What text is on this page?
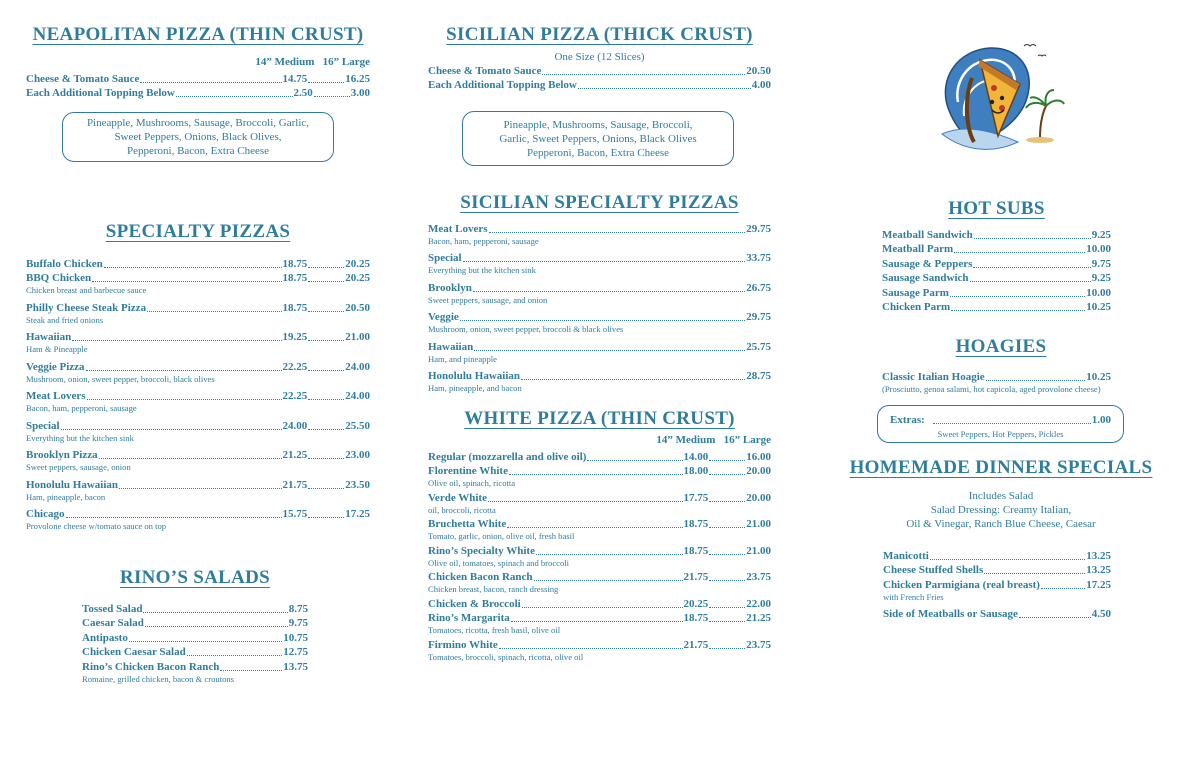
NEAPOLITAN PIZZA (THIN CRUST)
14” Medium   16” Large
Cheese & Tomato Sauce	14.75	16.25
Each Additional Topping Below	2.50	3.00
Pineapple, Mushrooms, Sausage, Broccoli, Garlic,
Sweet Peppers, Onions, Black Olives,
Pepperoni, Bacon, Extra Cheese
SPECIALTY PIZZAS
Buffalo Chicken	18.75	20.25
BBQ Chicken	18.75	20.25
Chicken breast and barbecue sauce
Philly Cheese Steak Pizza	18.75	20.50
Steak and fried onions
Hawaiian	19.25	21.00
Ham & Pineapple
Veggie Pizza	22.25	24.00
Mushroom, onion, sweet pepper, broccoli, black olives
Meat Lovers	22.25	24.00
Bacon, ham, pepperoni, sausage
Special	24.00	25.50
Everything but the kitchen sink
Brooklyn Pizza	21.25	23.00
Sweet peppers, sausage, onion
Honolulu Hawaiian	21.75	23.50
Ham, pineapple, bacon
Chicago	15.75	17.25
Provolone cheese w/tomato sauce on top
RINO’S SALADS
Tossed Salad	8.75
Caesar Salad	9.75
Antipasto	10.75
Chicken Caesar Salad	12.75
Rino’s Chicken Bacon Ranch	13.75
Romaine, grilled chicken, bacon & croutons
SICILIAN PIZZA (THICK CRUST)
One Size (12 Slices)
Cheese & Tomato Sauce	20.50
Each Additional Topping Below	4.00
Pineapple, Mushrooms, Sausage, Broccoli,
Garlic, Sweet Peppers, Onions, Black Olives
Pepperoni, Bacon, Extra Cheese
SICILIAN SPECIALTY PIZZAS
Meat Lovers	29.75
Bacon, ham, pepperoni, sausage
Special	33.75
Everything but the kitchen sink
Brooklyn	26.75
Sweet peppers, sausage, and onion
Veggie	29.75
Mushroom, onion, sweet pepper, broccoli & black olives
Hawaiian	25.75
Ham, and pineapple
Honolulu Hawaiian	28.75
Ham, pineapple, and bacon
WHITE PIZZA (THIN CRUST)
14” Medium   16” Large
Regular (mozzarella and olive oil)	14.00	16.00
Florentine White	18.00	20.00
Olive oil, spinach, ricotta
Verde White	17.75	20.00
oil, broccoli, ricotta
Bruchetta White	18.75	21.00
Tomato, garlic, onion, olive oil, fresh basil
Rino’s Specialty White	18.75	21.00
Olive oil, tomatoes, spinach and broccoli
Chicken Bacon Ranch	21.75	23.75
Chicken breast, bacon, ranch dressing
Chicken & Broccoli	20.25	22.00
Rino’s Margarita	18.75	21.25
Tomatoes, ricotta, fresh basil, olive oil
Firmino White	21.75	23.75
Tomatoes, broccoli, spinach, ricotta, olive oil
HOT SUBS
Meatball Sandwich	9.25
Meatball Parm	10.00
Sausage & Peppers	9.75
Sausage Sandwich	9.25
Sausage Parm	10.00
Chicken Parm	10.25
HOAGIES
Classic Italian Hoagie	10.25
(Prosciutto, genoa salami, hot capicola, aged provolone cheese)
Extras:	1.00
Sweet Peppers, Hot Peppers, Pickles
HOMEMADE DINNER SPECIALS
Includes Salad
Salad Dressing: Creamy Italian,
Oil & Vinegar, Ranch Blue Cheese, Caesar
Manicotti	13.25
Cheese Stuffed Shells	13.25
Chicken Parmigiana (real breast)	17.25
with French Fries
Side of Meatballs or Sausage	4.50
